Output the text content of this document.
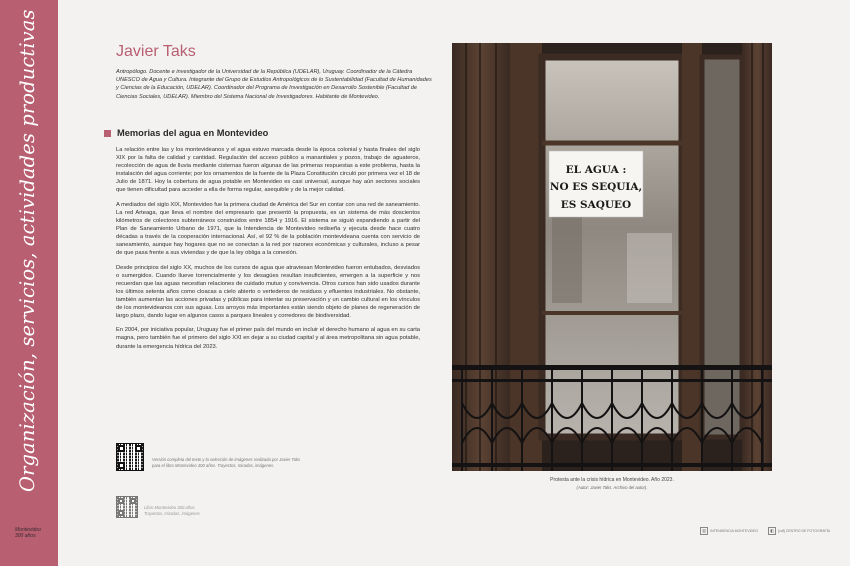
Organización, servicios, actividades productivas
Montevideo
300 años
Javier Taks

Antropólogo. Docente e investigador de la Universidad de la República (UDELAR), Uruguay. Coordinador de la Cátedra UNESCO de Agua y Cultura. Integrante del Grupo de Estudios Antropológicos de lo Sustentabilidad (Facultad de Humanidades y Ciencias de la Educación, UDELAR). Coordinador del Programa de Investigación en Desarrollo Sostenible (Facultad de Ciencias Sociales, UDELAR). Miembro del Sistema Nacional de Investigadores. Habitante de Montevideo.

Memorias del agua en Montevideo

La relación entre las y los montevideanos y el agua estuvo marcada desde la época colonial y hasta finales del siglo XIX por la falta de calidad y cantidad. Regulación del acceso público a manantiales y pozos, trabajo de aguateros, recolección de agua de lluvia mediante cisternas fueron algunas de las primeras respuestas a este problema, hasta la instalación del agua corriente; por los ornamentos de la fuente de la Plaza Constitución circuló por primera vez el 18 de Julio de 1871. Hoy la cobertura de agua potable en Montevideo es casi universal, aunque hay aún sectores sociales que tienen dificultad para acceder a ella de forma regular, asequible y de la mejor calidad.

A mediados del siglo XIX, Montevideo fue la primera ciudad de América del Sur en contar con una red de saneamiento. La red Arteaga, que lleva el nombre del empresario que presentó la propuesta, es un sistema de más doscientos kilómetros de colectores subterráneos construidos entre 1854 y 1916. El sistema se siguió expandiendo a partir del Plan de Saneamiento Urbano de 1971, que la Intendencia de Montevideo rediseña y ejecuta desde hace cuatro décadas a través de la cooperación internacional. Así, el 92 % de la población montevideana cuenta con servicio de saneamiento, aunque hay hogares que no se conectan a la red por razones económicas y culturales, incluso a pesar de que pasa frente a sus viviendas y de que la ley obliga a la conexión.

Desde principios del siglo XX, muchos de los cursos de agua que atraviesan Montevideo fueron entubados, desviados o sumergidos. Cuando llueve torrencialmente y los desagües resultan insuficientes, emergen a la superficie y nos recuerdan que las aguas necesitan relaciones de cuidado mutuo y convivencia. Otros cursos han sido usados durante los últimos setenta años como cloacas a cielo abierto o vertederos de residuos y efluentes industriales. No obstante, también aumentan las acciones privadas y públicas para intentar su preservación y un cambio cultural en los vínculos de los montevideanos con sus aguas. Los arroyos más importantes están siendo objeto de planes de regeneración de largo plazo, dando lugar en algunos casos a parques lineales y corredores de biodiversidad.

En 2004, por iniciativa popular, Uruguay fue el primer país del mundo en incluir el derecho humano al agua en su carta magna, pero también fue el primero del siglo XXI en dejar a su ciudad capital y al área metropolitana sin agua potable, durante la emergencia hídrica del 2023.

Versión completa del texto y la selección de imágenes realizada por Javier Taks
para el libro Montevideo 300 años. Trayectos, miradas, imágenes.
Libro Montevideo 300 años.
Trayectos, miradas, imágenes
EL AGUA :
NO ES SEQUIA,
ES SAQUEO
Protesta ante la crisis hídrica en Montevideo. Año 2023.
(Autor: Javier Taks. Archivo del autor).
▥	INTENDENCIA MONTEVIDEO	◧	[cdf] CENTRO DE FOTOGRAFÍA
